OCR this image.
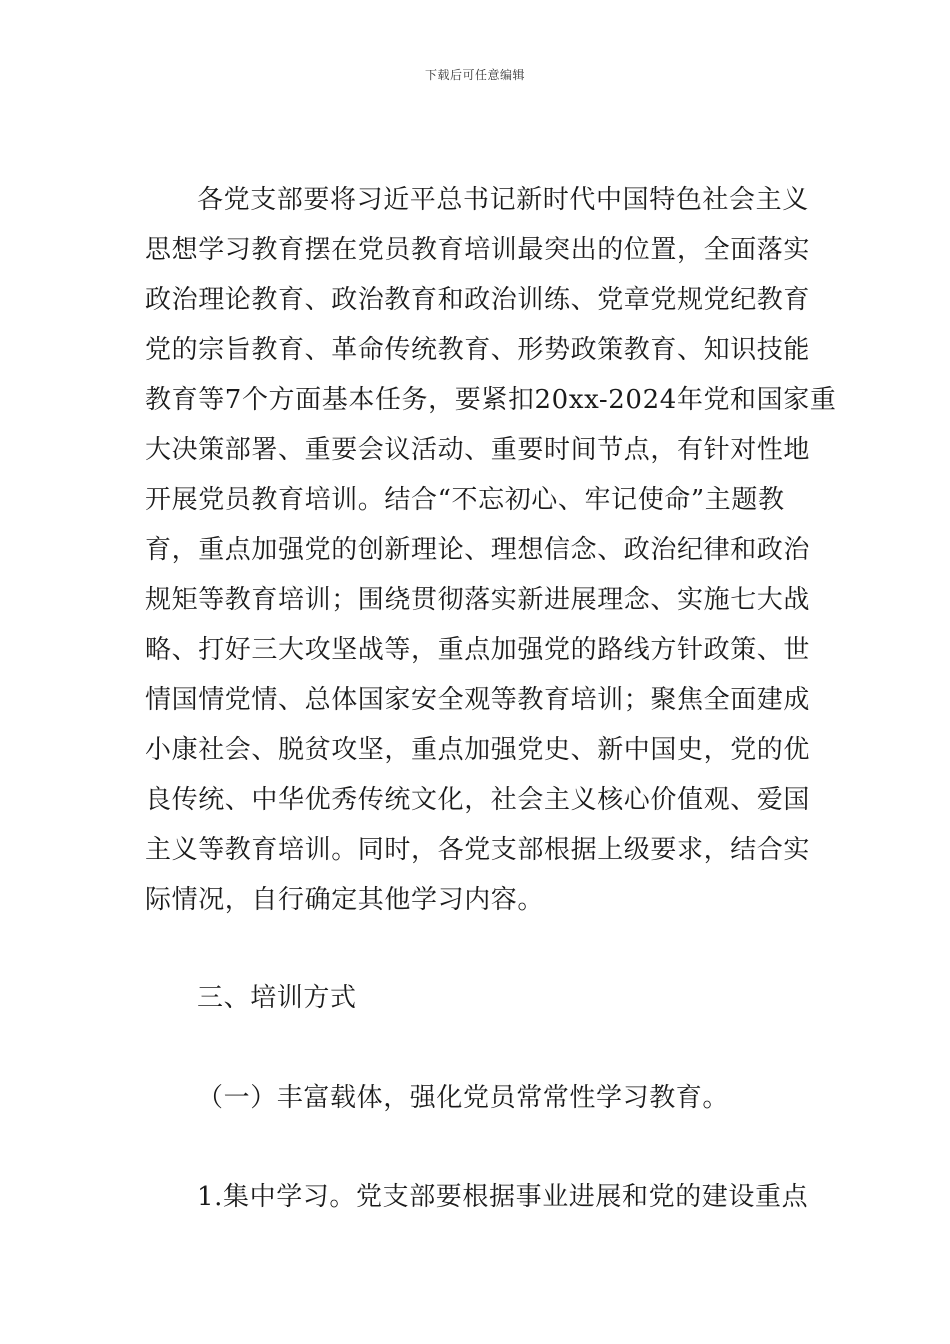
下载后可任意编辑
各党支部要将习近平总书记新时代中国特色社会主义
思想学习教育摆在党员教育培训最突出的位置，全面落实
政治理论教育、政治教育和政治训练、党章党规党纪教育
党的宗旨教育、革命传统教育、形势政策教育、知识技能
教育等7个方面基本任务，要紧扣20xx-2024年党和国家重
大决策部署、重要会议活动、重要时间节点，有针对性地
开展党员教育培训。结合“不忘初心、牢记使命”主题教
育，重点加强党的创新理论、理想信念、政治纪律和政治
规矩等教育培训；围绕贯彻落实新进展理念、实施七大战
略、打好三大攻坚战等，重点加强党的路线方针政策、世
情国情党情、总体国家安全观等教育培训；聚焦全面建成
小康社会、脱贫攻坚，重点加强党史、新中国史，党的优
良传统、中华优秀传统文化，社会主义核心价值观、爱国
主义等教育培训。同时，各党支部根据上级要求，结合实
际情况，自行确定其他学习内容。
三、培训方式
（一）丰富载体，强化党员常常性学习教育。
1.集中学习。党支部要根据事业进展和党的建设重点
